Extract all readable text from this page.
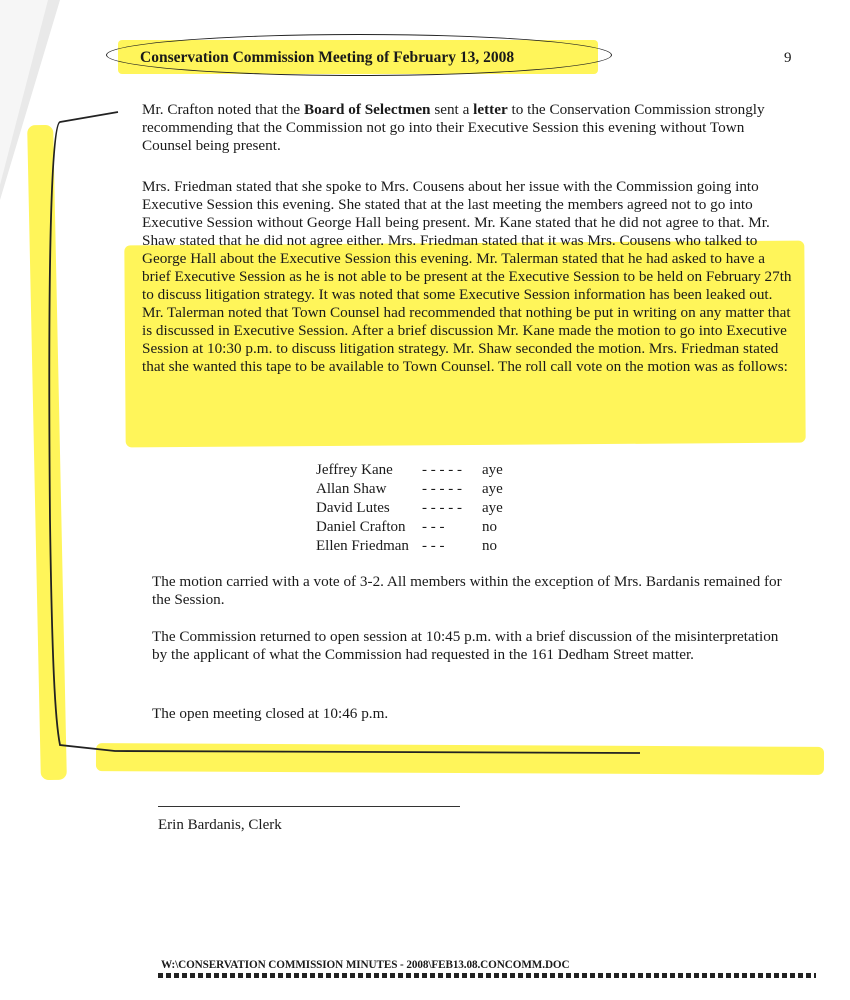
Conservation Commission Meeting of February 13, 2008	9
Mr. Crafton noted that the Board of Selectmen sent a letter to the Conservation Commission strongly recommending that the Commission not go into their Executive Session this evening without Town Counsel being present.
Mrs. Friedman stated that she spoke to Mrs. Cousens about her issue with the Commission going into Executive Session this evening. She stated that at the last meeting the members agreed not to go into Executive Session without George Hall being present. Mr. Kane stated that he did not agree to that. Mr. Shaw stated that he did not agree either. Mrs. Friedman stated that it was Mrs. Cousens who talked to George Hall about the Executive Session this evening. Mr. Talerman stated that he had asked to have a brief Executive Session as he is not able to be present at the Executive Session to be held on February 27th to discuss litigation strategy. It was noted that some Executive Session information has been leaked out. Mr. Talerman noted that Town Counsel had recommended that nothing be put in writing on any matter that is discussed in Executive Session. After a brief discussion Mr. Kane made the motion to go into Executive Session at 10:30 p.m. to discuss litigation strategy. Mr. Shaw seconded the motion. Mrs. Friedman stated that she wanted this tape to be available to Town Counsel. The roll call vote on the motion was as follows:
Jeffrey Kane	- - - - -	aye
Allan Shaw	- - - - -	aye
David Lutes	- - - - -	aye
Daniel Crafton	- - -	no
Ellen Friedman - - -	no
The motion carried with a vote of 3-2. All members within the exception of Mrs. Bardanis remained for the Session.
The Commission returned to open session at 10:45 p.m. with a brief discussion of the misinterpretation by the applicant of what the Commission had requested in the 161 Dedham Street matter.
The open meeting closed at 10:46 p.m.
Erin Bardanis, Clerk
W:\CONSERVATION COMMISSION MINUTES - 2008\FEB13.08.CONCOMM.DOC
